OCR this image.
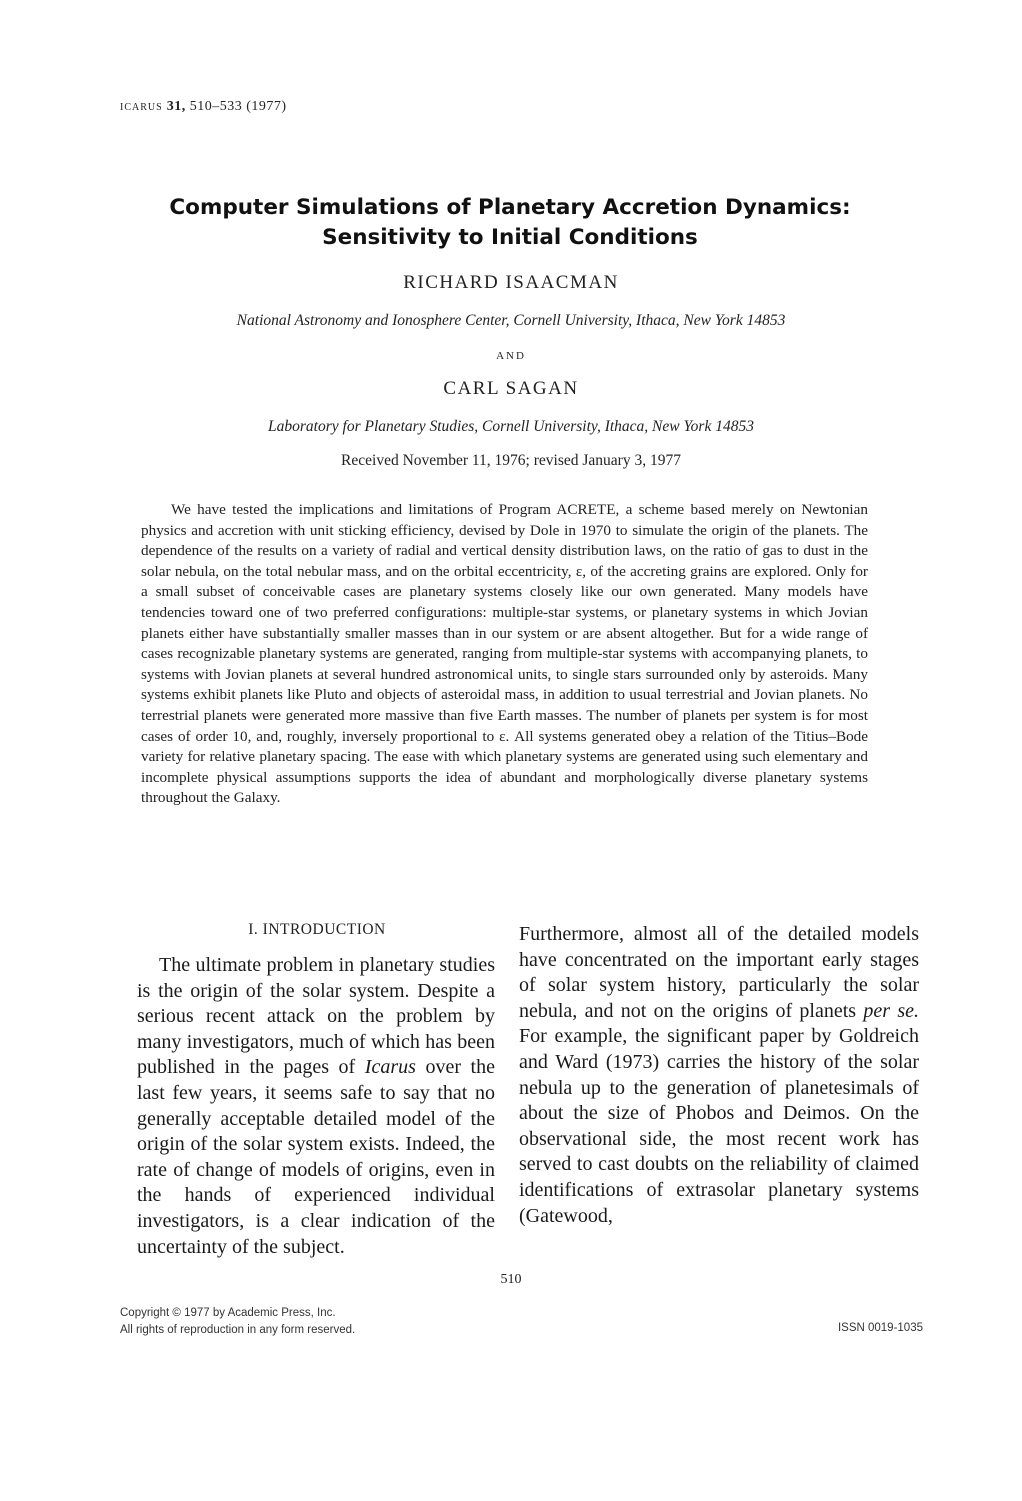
ICARUS 31, 510–533 (1977)
Computer Simulations of Planetary Accretion Dynamics:
Sensitivity to Initial Conditions
RICHARD ISAACMAN
National Astronomy and Ionosphere Center, Cornell University, Ithaca, New York 14853
AND
CARL SAGAN
Laboratory for Planetary Studies, Cornell University, Ithaca, New York 14853
Received November 11, 1976; revised January 3, 1977

We have tested the implications and limitations of Program ACRETE, a scheme based merely on Newtonian physics and accretion with unit sticking efficiency, devised by Dole in 1970 to simulate the origin of the planets. The dependence of the results on a variety of radial and vertical density distribution laws, on the ratio of gas to dust in the solar nebula, on the total nebular mass, and on the orbital eccentricity, ε, of the accreting grains are explored. Only for a small subset of conceivable cases are planetary systems closely like our own generated. Many models have tendencies toward one of two preferred configurations: multiple-star systems, or planetary systems in which Jovian planets either have substantially smaller masses than in our system or are absent altogether. But for a wide range of cases recognizable planetary systems are generated, ranging from multiple-star systems with accompanying planets, to systems with Jovian planets at several hundred astronomical units, to single stars surrounded only by asteroids. Many systems exhibit planets like Pluto and objects of asteroidal mass, in addition to usual terrestrial and Jovian planets. No terrestrial planets were generated more massive than five Earth masses. The number of planets per system is for most cases of order 10, and, roughly, inversely proportional to ε. All systems generated obey a relation of the Titius–Bode variety for relative planetary spacing. The ease with which planetary systems are generated using such elementary and incomplete physical assumptions supports the idea of abundant and morphologically diverse planetary systems throughout the Galaxy.

I. INTRODUCTION

The ultimate problem in planetary studies is the origin of the solar system. Despite a serious recent attack on the problem by many investigators, much of which has been published in the pages of Icarus over the last few years, it seems safe to say that no generally acceptable detailed model of the origin of the solar system exists. Indeed, the rate of change of models of origins, even in the hands of experienced individual investigators, is a clear indication of the uncertainty of the subject.

Furthermore, almost all of the detailed models have concentrated on the important early stages of solar system history, particularly the solar nebula, and not on the origins of planets per se. For example, the significant paper by Goldreich and Ward (1973) carries the history of the solar nebula up to the generation of planetesimals of about the size of Phobos and Deimos. On the observational side, the most recent work has served to cast doubts on the reliability of claimed identifications of extrasolar planetary systems (Gatewood,

510
Copyright © 1977 by Academic Press, Inc.
All rights of reproduction in any form reserved.	ISSN 0019-1035
